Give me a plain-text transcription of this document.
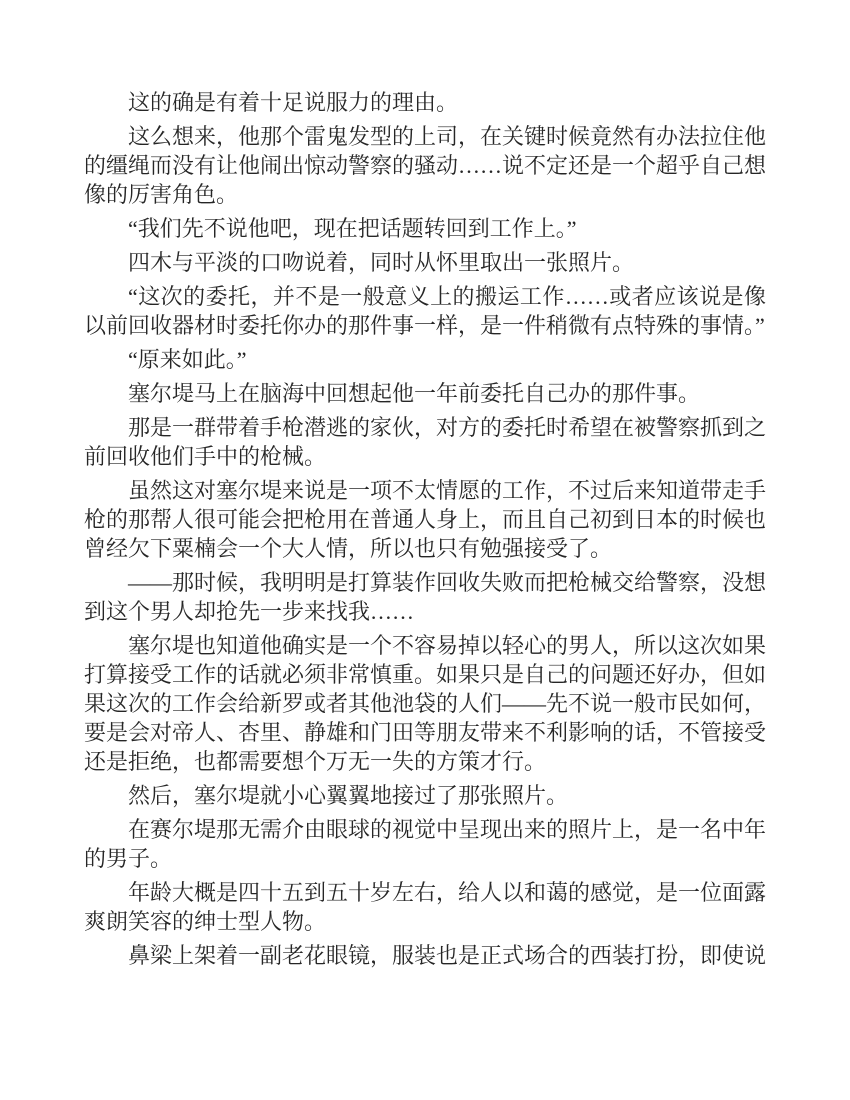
这的确是有着十足说服力的理由。

这么想来，他那个雷鬼发型的上司，在关键时候竟然有办法拉住他的缰绳而没有让他闹出惊动警察的骚动……说不定还是一个超乎自己想像的厉害角色。

“我们先不说他吧，现在把话题转回到工作上。”

四木与平淡的口吻说着，同时从怀里取出一张照片。

“这次的委托，并不是一般意义上的搬运工作……或者应该说是像以前回收器材时委托你办的那件事一样，是一件稍微有点特殊的事情。”

“原来如此。”

塞尔堤马上在脑海中回想起他一年前委托自己办的那件事。

那是一群带着手枪潜逃的家伙，对方的委托时希望在被警察抓到之前回收他们手中的枪械。

虽然这对塞尔堤来说是一项不太情愿的工作，不过后来知道带走手枪的那帮人很可能会把枪用在普通人身上，而且自己初到日本的时候也曾经欠下粟楠会一个大人情，所以也只有勉强接受了。

——那时候，我明明是打算装作回收失败而把枪械交给警察，没想到这个男人却抢先一步来找我……

塞尔堤也知道他确实是一个不容易掉以轻心的男人，所以这次如果打算接受工作的话就必须非常慎重。如果只是自己的问题还好办，但如果这次的工作会给新罗或者其他池袋的人们——先不说一般市民如何，要是会对帝人、杏里、静雄和门田等朋友带来不利影响的话，不管接受还是拒绝，也都需要想个万无一失的方策才行。

然后，塞尔堤就小心翼翼地接过了那张照片。

在赛尔堤那无需介由眼球的视觉中呈现出来的照片上，是一名中年的男子。

年龄大概是四十五到五十岁左右，给人以和蔼的感觉，是一位面露爽朗笑容的绅士型人物。

鼻梁上架着一副老花眼镜，服装也是正式场合的西装打扮，即使说
